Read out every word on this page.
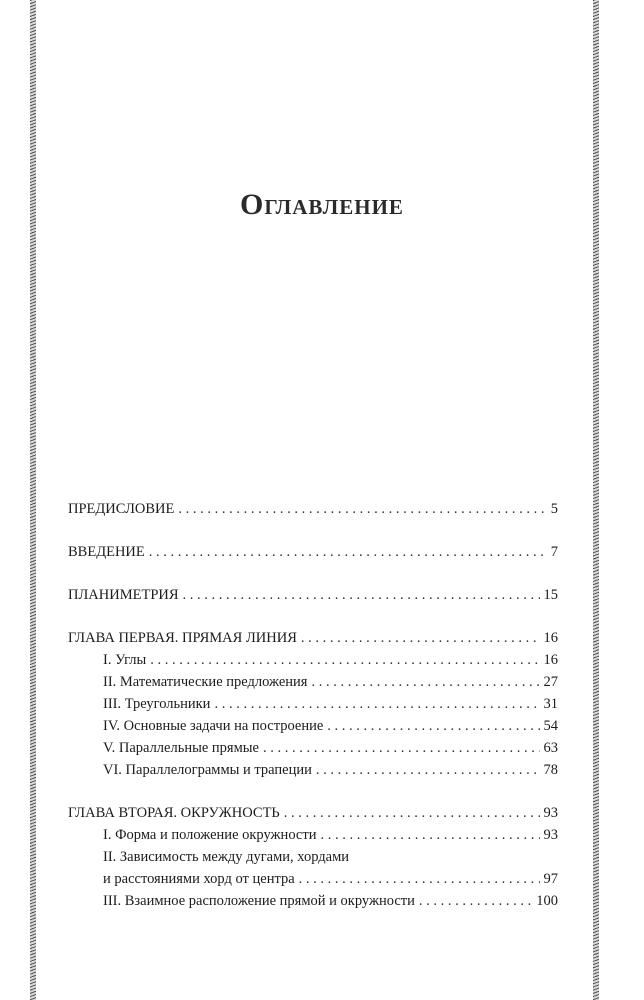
Оглавление
ПРЕДИСЛОВИЕ . . .	5
ВВЕДЕНИЕ . . .	7
ПЛАНИМЕТРИЯ . . .	15
ГЛАВА ПЕРВАЯ. ПРЯМАЯ ЛИНИЯ . . .	16
I. Углы . . .	16
II. Математические предложения . . .	27
III. Треугольники . . .	31
IV. Основные задачи на построение . . .	54
V. Параллельные прямые . . .	63
VI. Параллелограммы и трапеции . . .	78
ГЛАВА ВТОРАЯ. ОКРУЖНОСТЬ . . .	93
I. Форма и положение окружности . . .	93
II. Зависимость между дугами, хордами
и расстояниями хорд от центра . . .	97
III. Взаимное расположение прямой и окружности . . .	100
